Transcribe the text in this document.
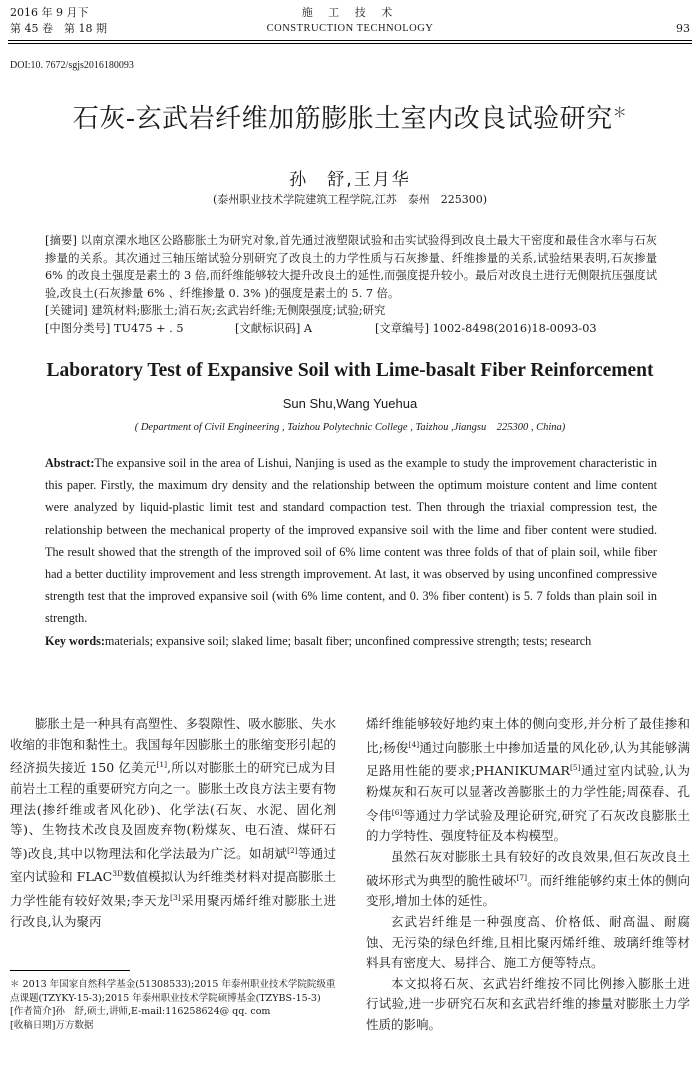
2016 年 9 月下
第 45 卷　第 18 期
施 工 技 术
CONSTRUCTION TECHNOLOGY	93
DOI:10. 7672/sgjs2016180093
石灰-玄武岩纤维加筋膨胀土室内改良试验研究＊
孙　舒,王月华
(泰州职业技术学院建筑工程学院,江苏　泰州　225300)

[摘要] 以南京溧水地区公路膨胀土为研究对象,首先通过液塑限试验和击实试验得到改良土最大干密度和最佳含水率与石灰掺量的关系。其次通过三轴压缩试验分别研究了改良土的力学性质与石灰掺量、纤维掺量的关系,试验结果表明,石灰掺量 6% 的改良土强度是素土的 3 倍,而纤维能够较大提升改良土的延性,而强度提升较小。最后对改良土进行无侧限抗压强度试验,改良土(石灰掺量 6% 、纤维掺量 0. 3% )的强度是素土的 5. 7 倍。

[关键词] 建筑材料;膨胀土;消石灰;玄武岩纤维;无侧限强度;试验;研究

[中图分类号] TU475 + . 5	[文献标识码] A	[文章编号] 1002-8498(2016)18-0093-03
Laboratory Test of Expansive Soil with Lime-basalt Fiber Reinforcement
Sun Shu,Wang Yuehua
( Department of Civil Engineering , Taizhou Polytechnic College , Taizhou ,Jiangsu　225300 , China)

Abstract:The expansive soil in the area of Lishui, Nanjing is used as the example to study the improvement characteristic in this paper. Firstly, the maximum dry density and the relationship between the optimum moisture content and lime content were analyzed by liquid-plastic limit test and standard compaction test. Then through the triaxial compression test, the relationship between the mechanical property of the improved expansive soil with the lime and fiber content were studied. The result showed that the strength of the improved soil of 6% lime content was three folds of that of plain soil, while fiber had a better ductility improvement and less strength improvement. At last, it was observed by using unconfined compressive strength test that the improved expansive soil (with 6% lime content, and 0. 3% fiber content) is 5. 7 folds than plain soil in strength.

Key words:materials; expansive soil; slaked lime; basalt fiber; unconfined compressive strength; tests; research

膨胀土是一种具有高塑性、多裂隙性、吸水膨胀、失水收缩的非饱和黏性土。我国每年因膨胀土的胀缩变形引起的经济损失接近 150 亿美元[1],所以对膨胀土的研究已成为目前岩土工程的重要研究方向之一。膨胀土改良方法主要有物理法(掺纤维或者风化砂)、化学法(石灰、水泥、固化剂等)、生物技术改良及固废弃物(粉煤灰、电石渣、煤矸石等)改良,其中以物理法和化学法最为广泛。如胡斌[2]等通过室内试验和 FLAC$^{3D}$数值模拟认为纤维类材料对提高膨胀土力学性能有较好效果;李天龙[3]采用聚丙烯纤维对膨胀土进行改良,认为聚丙

烯纤维能够较好地约束土体的侧向变形,并分析了最佳掺和比;杨俊[4]通过向膨胀土中掺加适量的风化砂,认为其能够满足路用性能的要求;PHANIKUMAR[5]通过室内试验,认为粉煤灰和石灰可以显著改善膨胀土的力学性能;周葆春、孔令伟[6]等通过力学试验及理论研究,研究了石灰改良膨胀土的力学特性、强度特征及本构模型。

虽然石灰对膨胀土具有较好的改良效果,但石灰改良土破坏形式为典型的脆性破坏[7]。而纤维能够约束土体的侧向变形,增加土体的延性。

玄武岩纤维是一种强度高、价格低、耐高温、耐腐蚀、无污染的绿色纤维,且相比聚丙烯纤维、玻璃纤维等材料具有密度大、易拌合、施工方便等特点。

本文拟将石灰、玄武岩纤维按不同比例掺入膨胀土进行试验,进一步研究石灰和玄武岩纤维的掺量对膨胀土力学性质的影响。

＊ 2013 年国家自然科学基金(51308533);2015 年泰州职业技术学院院级重点课题(TZYKY-15-3);2015 年泰州职业技术学院硕博基金(TZYBS-15-3)

[作者简介]孙　舒,硕士,讲师,E-mail:116258624@ qq. com

[收稿日期]万方数据
